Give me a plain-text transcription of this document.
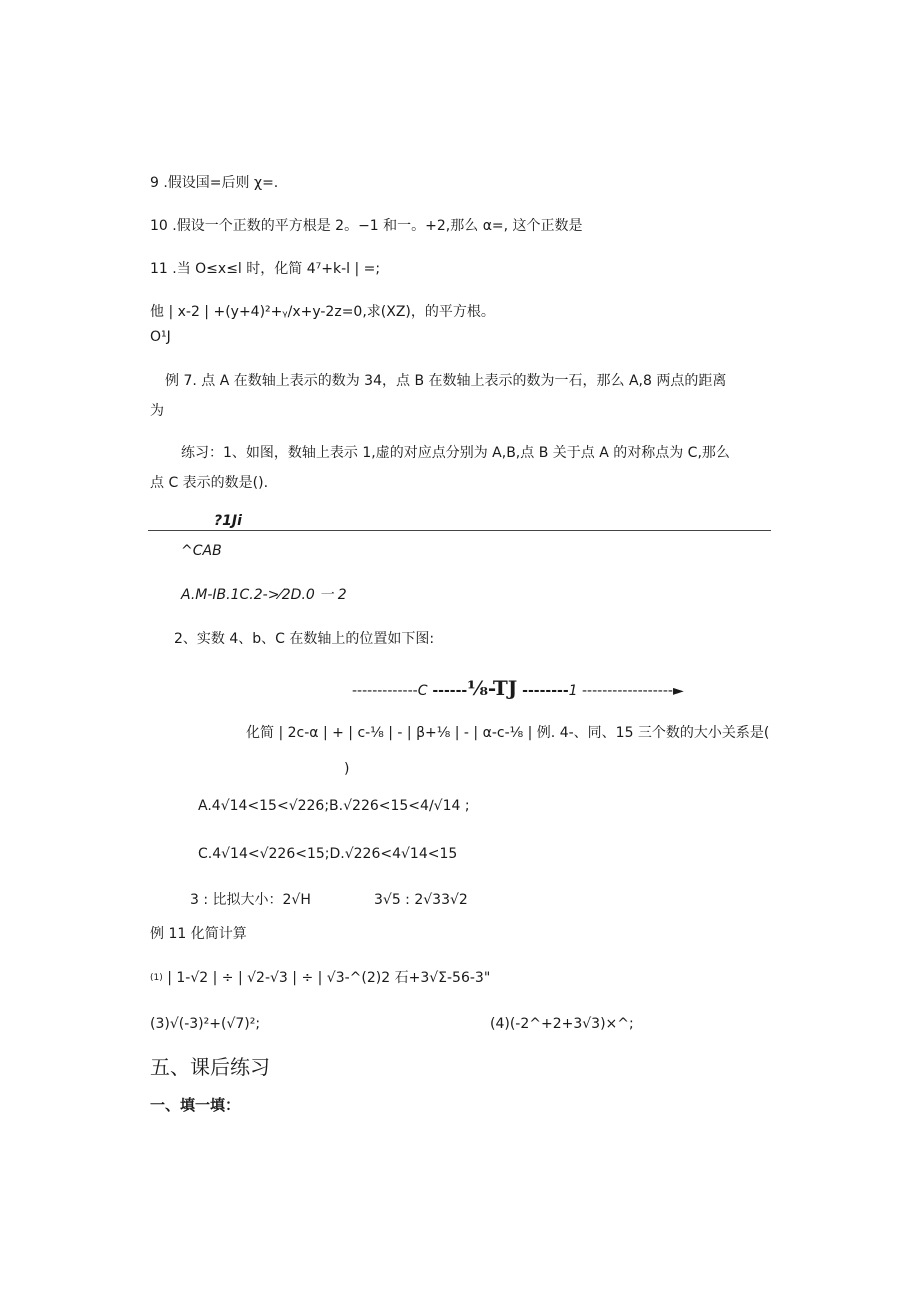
9 .假设国=后则 χ=.
10 .假设一个正数的平方根是 2。−1 和一。+2,那么 α=, 这个正数是
11 .当 O≤x≤l 时，化简 4⁷+k-l | =;
他 | x-2 | +(y+4)²+ᵧ/x+y-2z=0,求(XZ)，的平方根。
O¹J
例 7. 点 A 在数轴上表示的数为 34，点 B 在数轴上表示的数为一石，那么 A,8 两点的距离
为
练习：1、如图，数轴上表示 1,虚的对应点分别为 A,B,点 B 关于点 A 的对称点为 C,那么
点 C 表示的数是().
?1Ji
^CAB
A.M-IB.1C.2->⁄2D.0 一 2
2、实数 4、b、C 在数轴上的位置如下图:
-------------C ------⅛-TJ --------1 ------------------►
化简 | 2c-α | + | c-⅛ | - | β+⅛ | - | α-c-⅛ | 例. 4-、同、15 三个数的大小关系是(
)
A.4√14<15<√226;B.√226<15<4∕√14 ;
C.4√14<√226<15;D.√226<4√14<15
3 : 比拟大小：2√H	3√5 : 2√33√2
例 11 化简计算
$^{(1)}$ | 1-√2 | ÷ | √2-√3 | ÷ | √3-^(2)2 石+3√Σ-56-3"
(3)√(-3)²+(√7)²;	(4)(-2^+2+3√3)×^;
五、课后练习
一、填一填：
